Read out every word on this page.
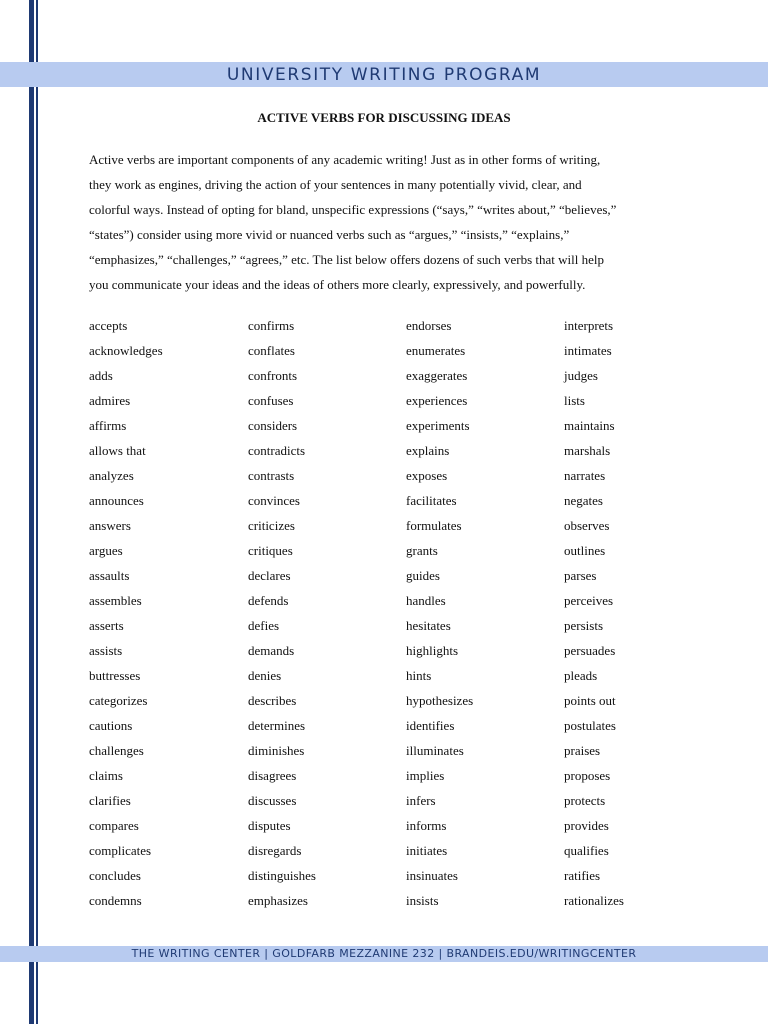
UNIVERSITY WRITING PROGRAM
ACTIVE VERBS FOR DISCUSSING IDEAS

Active verbs are important components of any academic writing! Just as in other forms of writing,

they work as engines, driving the action of your sentences in many potentially vivid, clear, and

colorful ways. Instead of opting for bland, unspecific expressions (“says,” “writes about,” “believes,”

“states”) consider using more vivid or nuanced verbs such as “argues,” “insists,” “explains,”

“emphasizes,” “challenges,” “agrees,” etc. The list below offers dozens of such verbs that will help

you communicate your ideas and the ideas of others more clearly, expressively, and powerfully.

accepts
acknowledges
adds
admires
affirms
allows that
analyzes
announces
answers
argues
assaults
assembles
asserts
assists
buttresses
categorizes
cautions
challenges
claims
clarifies
compares
complicates
concludes
condemns
confirms
conflates
confronts
confuses
considers
contradicts
contrasts
convinces
criticizes
critiques
declares
defends
defies
demands
denies
describes
determines
diminishes
disagrees
discusses
disputes
disregards
distinguishes
emphasizes
endorses
enumerates
exaggerates
experiences
experiments
explains
exposes
facilitates
formulates
grants
guides
handles
hesitates
highlights
hints
hypothesizes
identifies
illuminates
implies
infers
informs
initiates
insinuates
insists
interprets
intimates
judges
lists
maintains
marshals
narrates
negates
observes
outlines
parses
perceives
persists
persuades
pleads
points out
postulates
praises
proposes
protects
provides
qualifies
ratifies
rationalizes
THE WRITING CENTER | GOLDFARB MEZZANINE 232 | BRANDEIS.EDU/WRITINGCENTER
